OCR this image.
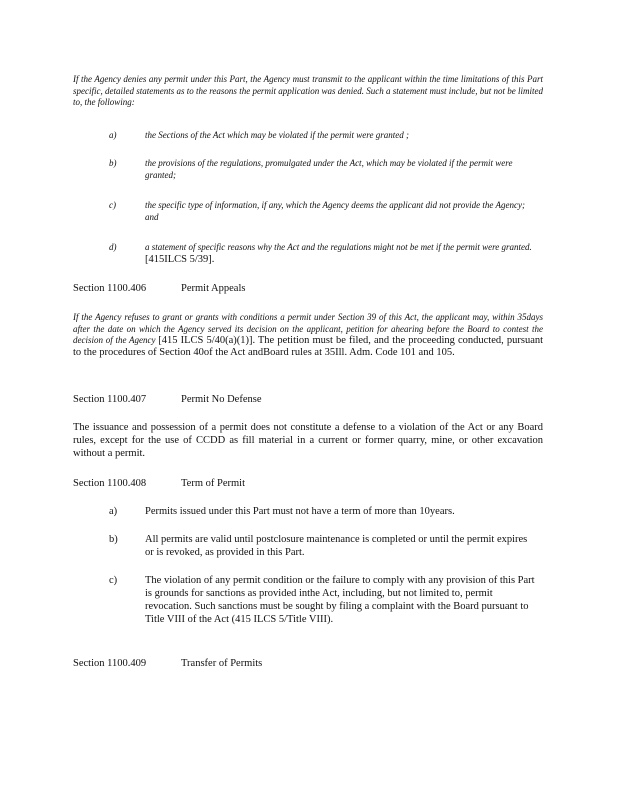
If the Agency denies any permit under this Part, the Agency must transmit to the applicant within the time limitations of this Part specific, detailed statements as to the reasons the permit application was denied. Such a statement must include, but not be limited to, the following:
a)	the Sections of the Act which may be violated if the permit were granted ;
b)	the provisions of the regulations, promulgated under the Act, which may be violated if the permit were granted;
c)	the specific type of information, if any, which the Agency deems the applicant did not provide the Agency; and
d)	a statement of specific reasons why the Act and the regulations might not be met if the permit were granted. [415ILCS 5/39].
Section 1100.406	Permit Appeals
If the Agency refuses to grant or grants with conditions a permit under Section 39 of this Act, the applicant may, within 35days after the date on which the Agency served its decision on the applicant, petition for ahearing before the Board to contest the decision of the Agency [415 ILCS 5/40(a)(1)]. The petition must be filed, and the proceeding conducted, pursuant to the procedures of Section 40of the Act andBoard rules at 35Ill. Adm. Code 101 and 105.
Section 1100.407	Permit No Defense
The issuance and possession of a permit does not constitute a defense to a violation of the Act or any Board rules, except for the use of CCDD as fill material in a current or former quarry, mine, or other excavation without a permit.
Section 1100.408	Term of Permit
a)	Permits issued under this Part must not have a term of more than 10years.
b)	All permits are valid until postclosure maintenance is completed or until the permit expires or is revoked, as provided in this Part.
c)	The violation of any permit condition or the failure to comply with any provision of this Part is grounds for sanctions as provided inthe Act, including, but not limited to, permit revocation. Such sanctions must be sought by filing a complaint with the Board pursuant to Title VIII of the Act (415 ILCS 5/Title VIII).
Section 1100.409	Transfer of Permits
